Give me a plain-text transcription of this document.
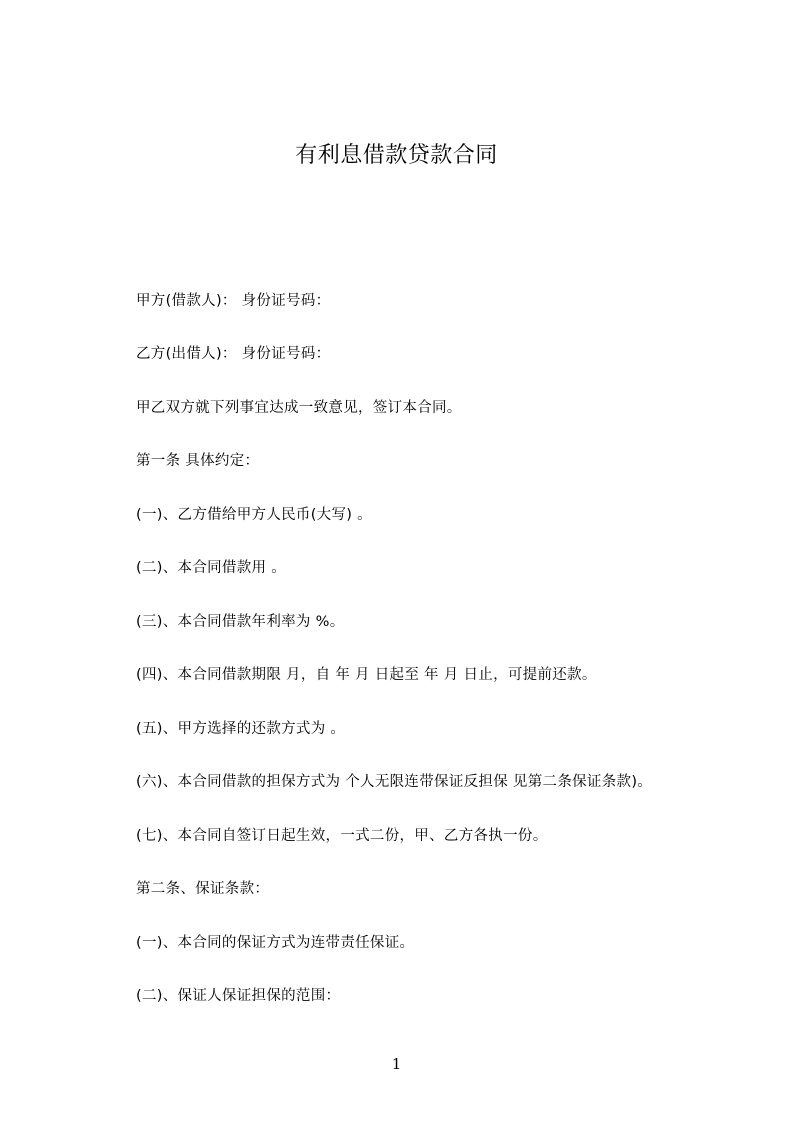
有利息借款贷款合同
甲方(借款人)： 身份证号码：
乙方(出借人)： 身份证号码：
甲乙双方就下列事宜达成一致意见，签订本合同。
第一条 具体约定：
(一)、乙方借给甲方人民币(大写) 。
(二)、本合同借款用 。
(三)、本合同借款年利率为 %。
(四)、本合同借款期限 月，自 年 月 日起至 年 月 日止，可提前还款。
(五)、甲方选择的还款方式为 。
(六)、本合同借款的担保方式为 个人无限连带保证反担保 见第二条保证条款)。
(七)、本合同自签订日起生效，一式二份，甲、乙方各执一份。
第二条、保证条款：
(一)、本合同的保证方式为连带责任保证。
(二)、保证人保证担保的范围：
1
